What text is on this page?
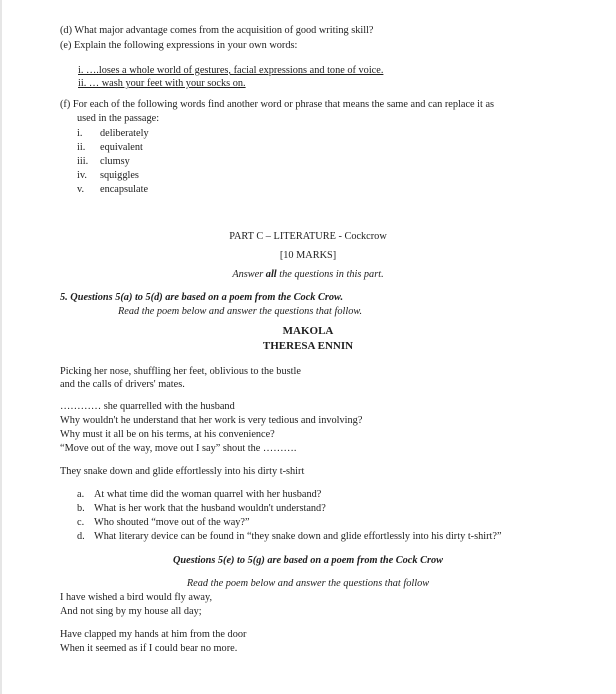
(d) What major advantage comes from the acquisition of good writing skill?
(e) Explain the following expressions in your own words:
i. ….loses a whole world of gestures, facial expressions and tone of voice.
ii. … wash your feet with your socks on.
(f) For each of the following words find another word or phrase that means the same and can replace it as
used in the passage:
i. deliberately
ii. equivalent
iii. clumsy
iv. squiggles
v. encapsulate
PART C – LITERATURE - Cockcrow
[10 MARKS]
Answer all the questions in this part.
5. Questions 5(a) to 5(d) are based on a poem from the Cock Crow.
Read the poem below and answer the questions that follow.
MAKOLA
THERESA ENNIN
Picking her nose, shuffling her feet, oblivious to the bustle
and the calls of drivers' mates.
………… she quarrelled with the husband
Why wouldn't he understand that her work is very tedious and involving?
Why must it all be on his terms, at his convenience?
“Move out of the way, move out I say” shout the ……….
They snake down and glide effortlessly into his dirty t-shirt
a. At what time did the woman quarrel with her husband?
b. What is her work that the husband wouldn't understand?
c. Who shouted “move out of the way?”
d. What literary device can be found in “they snake down and glide effortlessly into his dirty t-shirt?”
Questions 5(e) to 5(g) are based on a poem from the Cock Crow
Read the poem below and answer the questions that follow
I have wished a bird would fly away,
And not sing by my house all day;
Have clapped my hands at him from the door
When it seemed as if I could bear no more.
